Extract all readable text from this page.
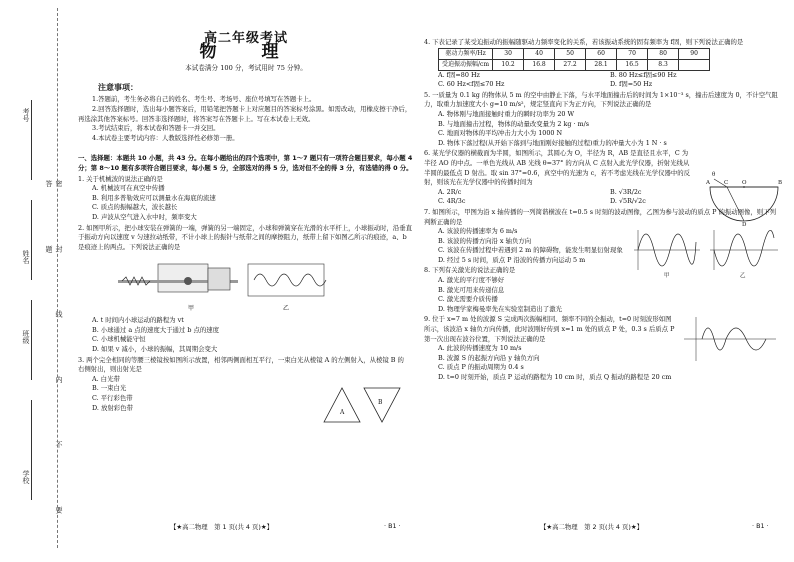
考号
姓名
班级
学校	密 封 线 内 不 要 答 题
高二年级考试
物　理
本试卷满分 100 分，考试用时 75 分钟。
注意事项：

1.答题前，考生务必将自己的姓名、考生号、考场号、座位号填写在答题卡上。

2.回答选择题时，选出每小题答案后，用铅笔把答题卡上对应题目的答案标号涂黑。如需改动，用橡皮擦干净后，再选涂其他答案标号。回答非选择题时，将答案写在答题卡上。写在本试卷上无效。

3.考试结束后，将本试卷和答题卡一并交回。

4.本试卷主要考试内容：人教版选择性必修第一册。

一、选择题：本题共 10 小题，共 43 分。在每小题给出的四个选项中，第 1～7 题只有一项符合题目要求，每小题 4 分；第 8～10 题有多项符合题目要求，每小题 5 分，全部选对的得 5 分，选对但不全的得 3 分，有选错的得 0 分。
1. 关于机械波的说法正确的是
A. 机械波可在真空中传播
B. 利用多普勒效应可以测量水在海底的流速
C. 质点的振幅越大，波长越长
D. 声波从空气进入水中时，频率变大
2. 如图甲所示，把小球安装在弹簧的一端，弹簧的另一端固定，小球和弹簧穿在光滑的水平杆上，小球振动时，沿垂直于振动方向以速度 v 匀速拉动纸带，不计小球上的振针与纸带之间的摩擦阻力，纸带上留下如图乙所示的痕迹，a、b 是痕迹上的两点。下列说法正确的是
甲	乙
A. t 时间内小球运动的路程为 vt
B. 小球通过 a 点的速度大于通过 b 点的速度
C. 小球机械能守恒
D. 如果 v 减小，小球的振幅，其周期会变大
3. 两个完全相同的等腰三棱镜按如图所示放置，相邻两侧面相互平行，一束白光从棱镜 A 的左侧射入，从棱镜 B 的右侧射出，则出射光是
A
B
A. 白光带
B. 一束白光
C. 平行彩色带
D. 放射彩色带
【★高二物理　第 1 页(共 4 页)★】	· B1 ·
4. 下表记录了某受迫振动的振幅随驱动力频率变化的关系，若该振动系统的固有频率为 f固，则下列说法正确的是
驱动力频率/Hz	30	40	50	60	70	80	90
受迫振动振幅/cm	10.2	16.8	27.2	28.1	16.5	8.3	
A. f固=80 Hz	B. 80 Hz≤f固≤90 Hz
C. 60 Hz<f固≤70 Hz	D. f固=50 Hz
5. 一质量为 0.1 kg 的物体从 5 m 的空中由静止下落，与水平地面撞击后的时间为 1×10⁻³ s，撞击后速度为 0，不计空气阻力，取重力加速度大小 g=10 m/s²，规定竖直向下为正方向，下列说法正确的是
A. 物体刚与地面接触时重力的瞬时功率为 20 W
B. 与地面撞击过程，物体的动量改变量为 2 kg · m/s
C. 地面对物体的平均冲击力大小为 1000 N
D. 物体下落过程(从开始下落到与地面刚好接触的过程)重力的冲量大小为 1 N · s
6. 某光学仪器的横截面为半圆，如图所示，其圆心为 O，半径为 R，AB 是直径且水平，C 为半径 AO 的中点。一单色光线从 AB 光线 θ=37° 的方向从 C 点射入此光学仪器，折射光线从半圆的最低点 D 射出。取 sin 37°=0.6，真空中的光速为 c，若不考虑光线在光学仪器中的反射，则该光在光学仪器中的传播时间为	A	C	O	B
D
θ
A. 2R/c	B. √3R/2c
C. 4R/3c	D. √5R/√2c
7. 如图所示，甲图为沿 x 轴传播的一列简谐横波在 t=0.5 s 时刻的波动图像，乙图为参与波动的质点 P 的振动图像，则下列判断正确的是
甲	乙
A. 该波的传播速率为 6 m/s
B. 该波的传播方向沿 x 轴负方向
C. 该波在传播过程中若遇到 2 m 的障碍物，能发生明显衍射现象
D. 经过 5 s 时间，质点 P 沿波的传播方向运动 5 m
8. 下列有关激光的说法正确的是
A. 激光的平行度不够好
B. 激光可用来传递信息
C. 激光需要介质传播
D. 物理学家梅曼率先在实验室制造出了激光
9. 位于 x=7 m 处的波源 S 完成两次振幅相同、频率不同的全振动，t=0 时刻波形如图所示，该波沿 x 轴负方向传播，此时波刚好传到 x=1 m 处的质点 P 处，0.3 s 后质点 P 第一次出现在波谷位置，下列说法正确的是
A. 此波的传播速度为 10 m/s
B. 波源 S 的起振方向沿 y 轴负方向
C. 质点 P 的振动周期为 0.4 s
D. t=0 时刻开始，质点 P 运动的路程为 10 cm 时，质点 Q 振动的路程是 20 cm
【★高二物理　第 2 页(共 4 页)★】	· B1 ·
